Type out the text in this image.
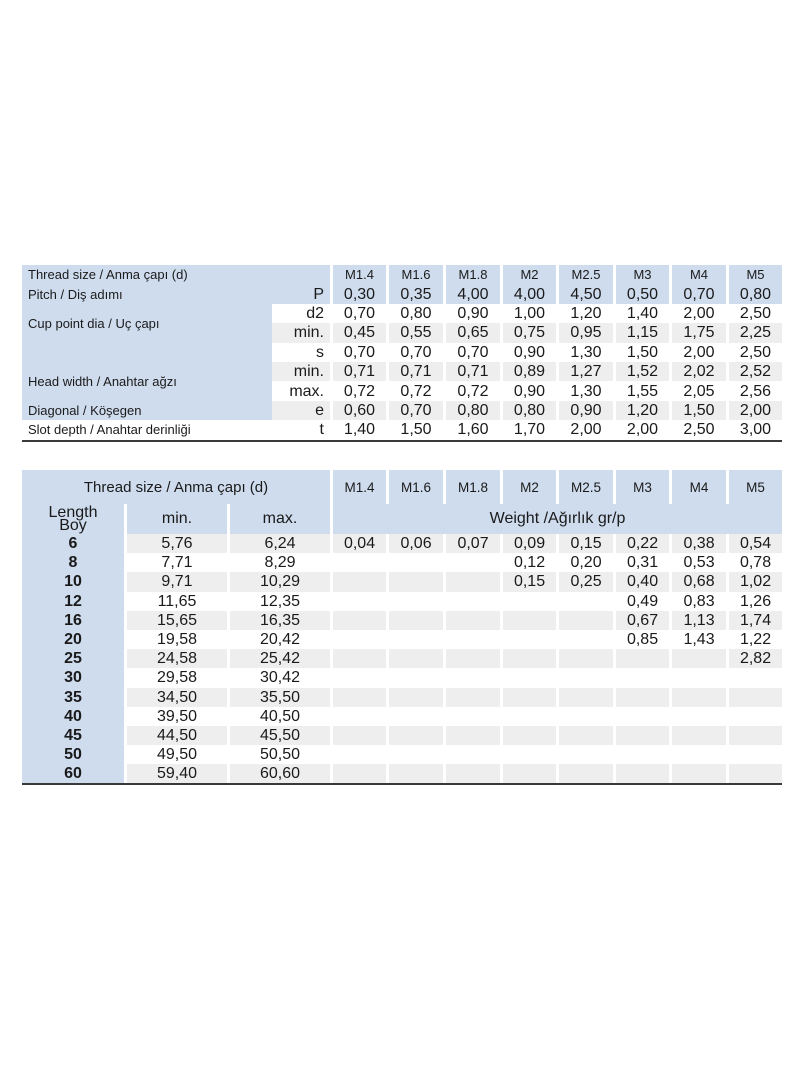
Thread size / Anma çapı (d)		M1.4	M1.6	M1.8	M2	M2.5	M3	M4	M5
Pitch / Diş adımı	P	0,30	0,35	4,00	4,00	4,50	0,50	0,70	0,80
Cup point dia / Uç çapı	d2	0,70	0,80	0,90	1,00	1,20	1,40	2,00	2,50
	min.	0,45	0,55	0,65	0,75	0,95	1,15	1,75	2,25
	s	0,70	0,70	0,70	0,90	1,30	1,50	2,00	2,50
Head width / Anahtar ağzı	min.	0,71	0,71	0,71	0,89	1,27	1,52	2,02	2,52
	max.	0,72	0,72	0,72	0,90	1,30	1,55	2,05	2,56
Diagonal / Köşegen	e	0,60	0,70	0,80	0,80	0,90	1,20	1,50	2,00
Slot depth / Anahtar derinliği	t	1,40	1,50	1,60	1,70	2,00	2,00	2,50	3,00
Thread size / Anma çapı (d)			M1.4	M1.6	M1.8	M2	M2.5	M3	M4	M5

Length Boy	min.	max.	Weight /Ağırlık gr/p							
6	5,76	6,24	0,04	0,06	0,07	0,09	0,15	0,22	0,38	0,54
8	7,71	8,29				0,12	0,20	0,31	0,53	0,78
10	9,71	10,29				0,15	0,25	0,40	0,68	1,02
12	11,65	12,35						0,49	0,83	1,26
16	15,65	16,35						0,67	1,13	1,74
20	19,58	20,42						0,85	1,43	1,22
25	24,58	25,42								2,82
30	29,58	30,42								
35	34,50	35,50								
40	39,50	40,50								
45	44,50	45,50								
50	49,50	50,50								
60	59,40	60,60								
